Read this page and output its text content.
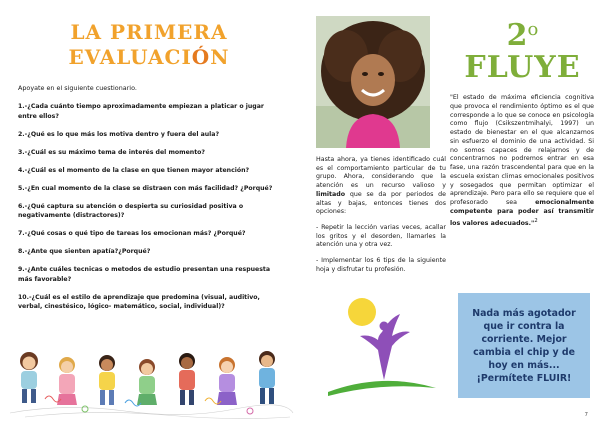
LA PRIMERA
EVALUACIÓN

Apoyate en el siguiente cuestionario.

1.-¿Cada cuánto tiempo aproximadamente empiezan a platicar o jugar entre ellos?
2.-¿Qué es lo que más los motiva dentro y fuera del aula?
3.-¿Cuál es su máximo tema de interés del momento?
4.-¿Cuál es el momento de la clase en que tienen mayor atención?
5.-¿En cual momento de la clase se distraen con más facilidad? ¿Porqué?
6.-¿Qué captura su atención o despierta su curiosidad positiva o negativamente (distractores)?
7.-¿Qué cosas o qué tipo de tareas los emocionan más? ¿Porqué?
8.-¿Ante que sienten apatía?¿Porqué?
9.-¿Ante cuáles tecnicas o metodos de estudio presentan una respuesta más favorable?
10.-¿Cuál es el estilo de aprendizaje que predomina (visual, auditivo, verbal, cinestésico, lógico- matemático, social, individual)?
2$^o$
FLUYE

"El estado de máxima eficiencia cognitiva que provoca el rendimiento óptimo es el que corresponde a lo que se conoce en psicología como flujo (Csikszentmihalyi, 1997) un estado de bienestar en el que alcanzamos sin esfuerzo el dominio de una actividad. Si no somos capaces de relajarnos y de concentrarnos no podremos entrar en esa fase, una razón trascendental para que en la escuela existan climas emocionales positivos y sosegados que permitan optimizar el aprendizaje. Pero para ello se requiere que el profesorado sea emocionalmente competente para poder así transmitir los valores adecuados."$^2$

Hasta ahora, ya tienes identificado cuál es el comportamiento particular de tu grupo. Ahora, considerando que la atención es un recurso valioso y limitado que se da por periodos de altas y bajas, entonces tienes dos opciones:

- Repetir la lección varias veces, acallar los gritos y el desorden, llamarles la atención una y otra vez.

- Implementar los 6 tips de la siguiente hoja y disfrutar tu profesión.

Nada más agotador que ir contra la corriente. Mejor cambia el chip y de hoy en más... ¡Permítete FLUIR!
7
